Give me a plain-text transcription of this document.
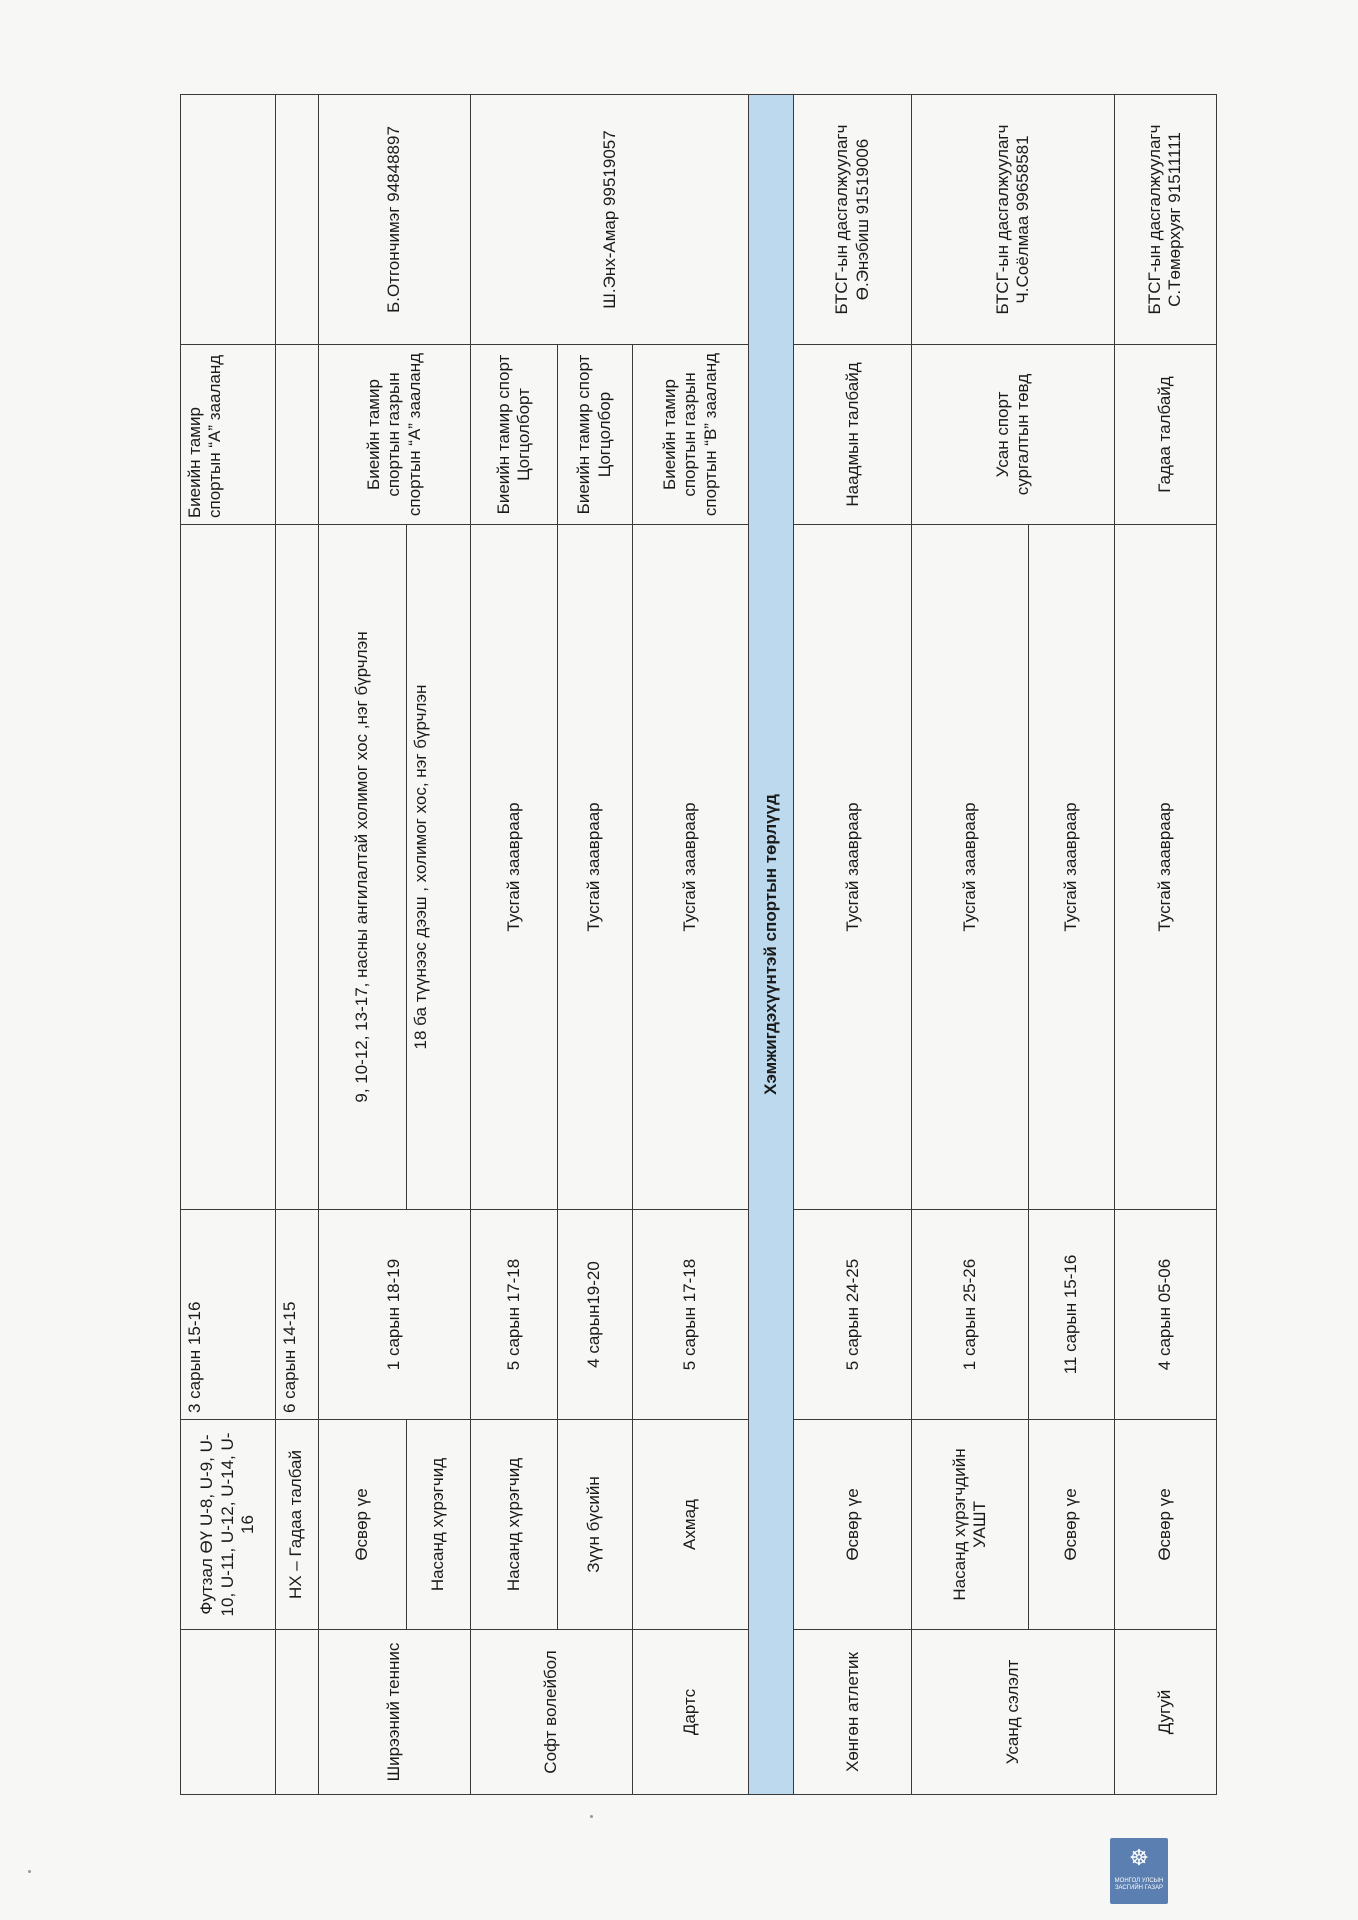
	Футзал ӨҮ U-8, U-9, U-10, U-11, U-12, U-14, U-16	3 сарын 15-16		Биеийн тамир спортын “А” зааланд	
	НХ – Гадаа талбай	6 сарын 14-15			
Ширээний теннис	Өсвөр үе	1 сарын 18-19	9, 10-12, 13-17, насны ангилалтай холимог хос ,нэг бүрчлэн	Биеийн тамир спортын газрын спортын “А” зааланд	Б.Отгончимэг 94848897
	Насанд хүрэгчид		18 ба түүнээс дээш , холимог хос, нэг бүрчлэн		
Софт волейбол	Насанд хүрэгчид	5 сарын 17-18	Тусгай заавраар	Биеийн тамир спорт Цогцолборт	Ш.Энх-Амар 99519057
	Зүүн бүсийн	4 сарын19-20	Тусгай заавраар	Биеийн тамир спорт Цогцолбор	
Дартс	Ахмад	5 сарын 17-18	Тусгай заавраар	Биеийн тамир спортын газрын спортын “В” зааланд	
Хэмжигдэхүүнтэй спортын төрлүүд					
Хөнгөн атлетик	Өсвөр үе	5 сарын 24-25	Тусгай заавраар	Наадмын талбайд	БТСГ-ын дасгалжуулагч Ө.Энэбиш 91519006
Усанд сэлэлт	Насанд хүрэгчдийн УАШТ	1 сарын 25-26	Тусгай заавраар	Усан спорт сургалтын төвд	БТСГ-ын дасгалжуулагч Ч.Соёлмаа 99658581
	Өсвөр үе	11 сарын 15-16	Тусгай заавраар		
Дугуй	Өсвөр үе	4 сарын 05-06	Тусгай заавраар	Гадаа талбайд	БТСГ-ын дасгалжуулагч С.Төмөрхуяг 91511111
☸
МОНГОЛ УЛСЫН ЗАСГИЙН ГАЗАР
